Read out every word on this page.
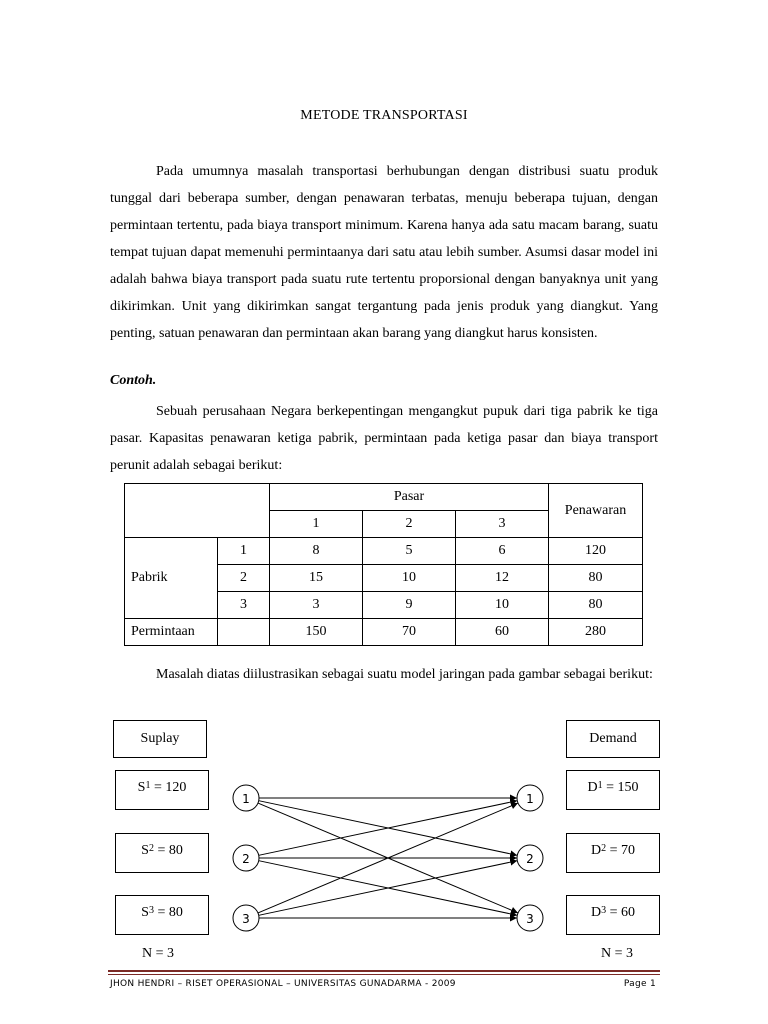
METODE TRANSPORTASI

Pada umumnya masalah transportasi berhubungan dengan distribusi suatu produk tunggal dari beberapa sumber, dengan penawaran terbatas, menuju beberapa tujuan, dengan permintaan tertentu, pada biaya transport minimum. Karena hanya ada satu macam barang, suatu tempat tujuan dapat memenuhi permintaanya dari satu atau lebih sumber. Asumsi dasar model ini adalah bahwa biaya transport pada suatu rute tertentu proporsional dengan banyaknya unit yang dikirimkan. Unit yang dikirimkan sangat tergantung pada jenis produk yang diangkut. Yang penting, satuan penawaran dan permintaan akan barang yang diangkut harus konsisten.

Contoh.

Sebuah perusahaan Negara berkepentingan mengangkut pupuk dari tiga pabrik ke tiga pasar. Kapasitas penawaran ketiga pabrik, permintaan pada ketiga pasar dan biaya transport perunit adalah sebagai berikut:

		Pasar			Penawaran
		1	2	3	
Pabrik	1	8	5	6	120
	2	15	10	12	80
	3	3	9	10	80
Permintaan		150	70	60	280

Masalah diatas diilustrasikan sebagai suatu model jaringan pada gambar sebagai berikut:

1
2
3
1
2
3
Suplay	Demand
S 1
= 120
S 2
= 80
S 3
= 80
D 1
= 150
D 2
= 70
D 3
= 60
N = 3	N = 3
JHON HENDRI – RISET OPERASIONAL – UNIVERSITAS GUNADARMA - 2009	Page 1
